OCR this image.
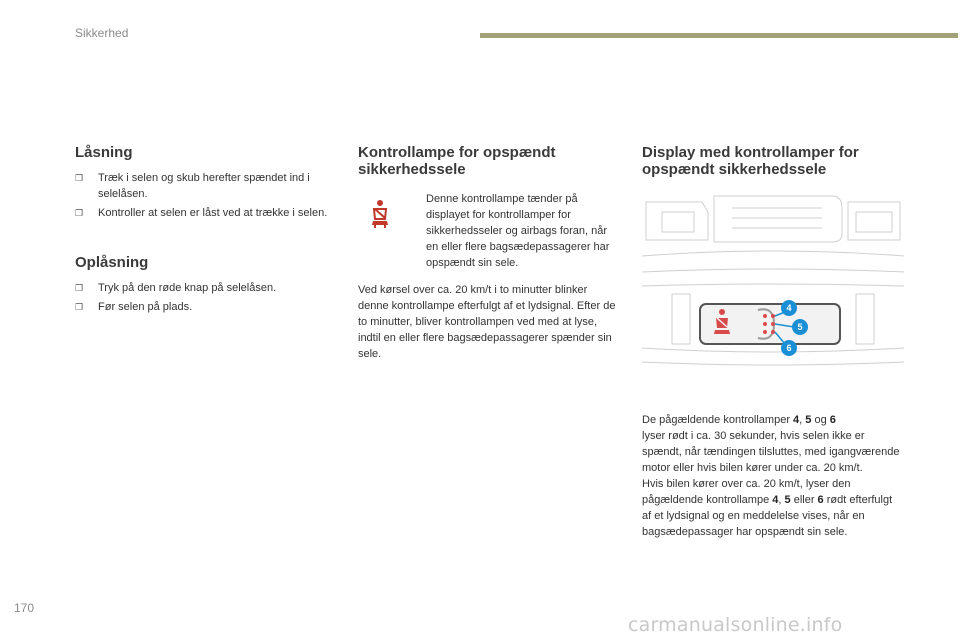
Sikkerhed
Låsning
❒ Træk i selen og skub herefter spændet ind i selelåsen.
❒ Kontroller at selen er låst ved at trække i selen.
Oplåsning
❒ Tryk på den røde knap på selelåsen.
❒ Før selen på plads.
Kontrollampe for opspændt sikkerhedssele

Denne kontrollampe tænder på displayet for kontrollamper for sikkerhedsseler og airbags foran, når en eller flere bagsædepassagerer har opspændt sin sele.

Ved kørsel over ca. 20 km/t i to minutter blinker denne kontrollampe efterfulgt af et lydsignal. Efter de to minutter, bliver kontrollampen ved med at lyse, indtil en eller flere bagsædepassagerer spænder sin sele.

Display med kontrollamper for opspændt sikkerhedssele
4
5
6

De pågældende kontrollamper 4, 5 og 6
lyser rødt i ca. 30 sekunder, hvis selen ikke er spændt, når tændingen tilsluttes, med igangværende motor eller hvis bilen kører under ca. 20 km/t.

Hvis bilen kører over ca. 20 km/t, lyser den pågældende kontrollampe 4, 5 eller 6 rødt efterfulgt af et lydsignal og en meddelelse vises, når en bagsædepassager har opspændt sin sele.

170
carmanualsonline.info
